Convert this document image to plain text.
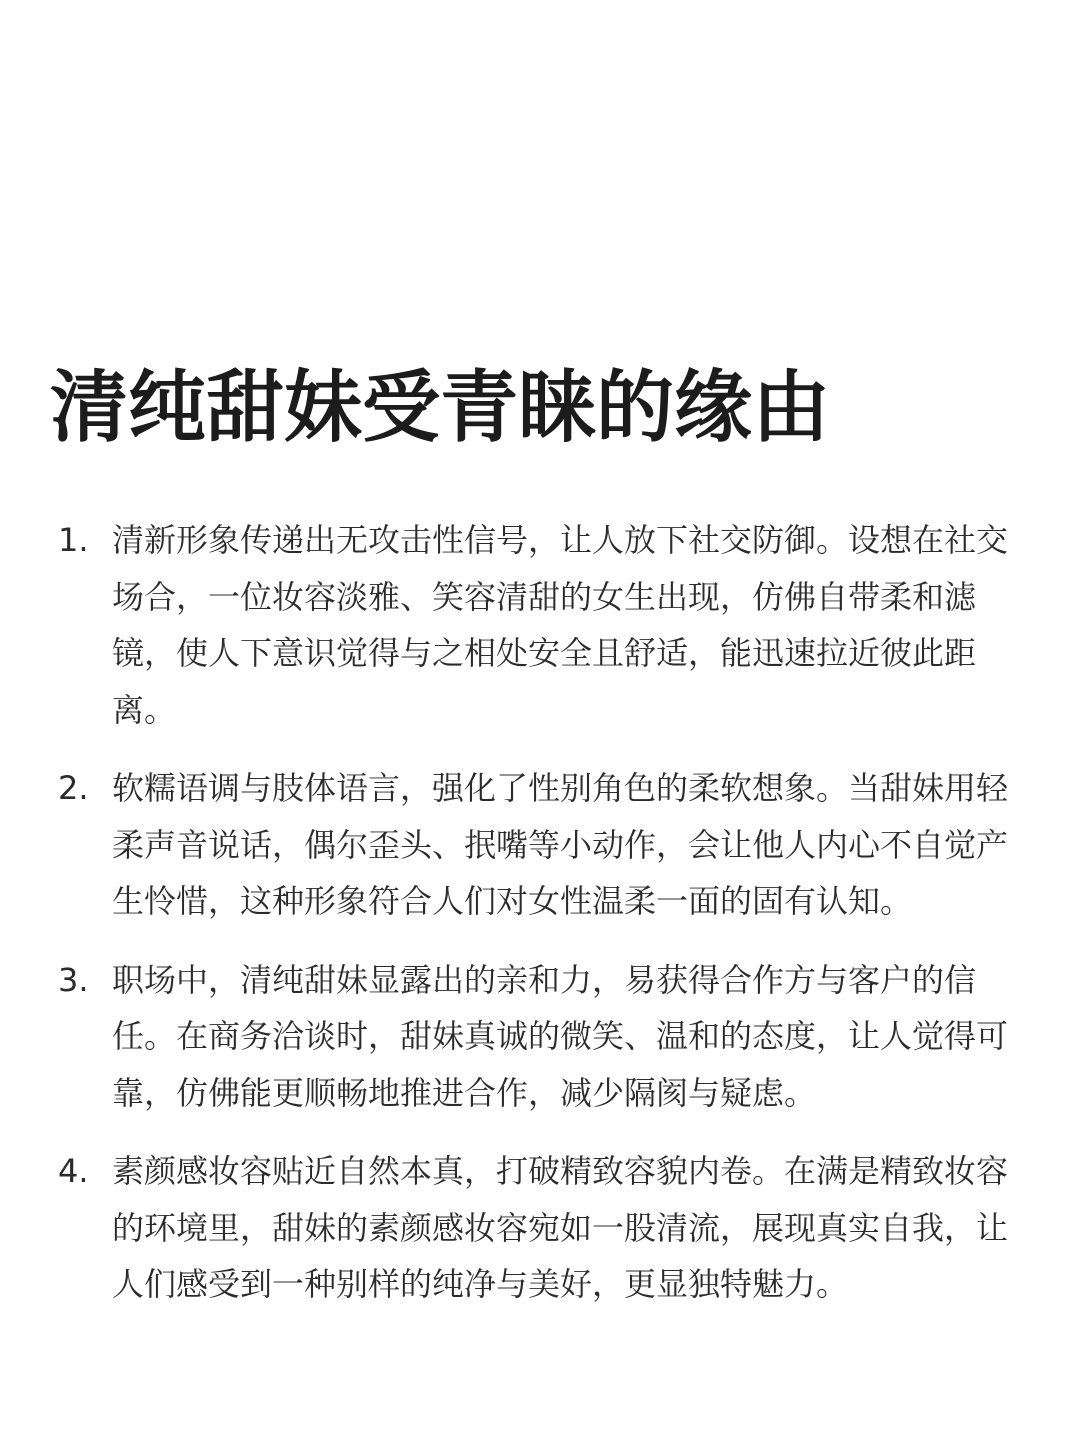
清纯甜妹受青睐的缘由
1. 清新形象传递出无攻击性信号，让人放下社交防御。设想在社交场合，一位妆容淡雅、笑容清甜的女生出现，仿佛自带柔和滤镜，使人下意识觉得与之相处安全且舒适，能迅速拉近彼此距离。
2. 软糯语调与肢体语言，强化了性别角色的柔软想象。当甜妹用轻柔声音说话，偶尔歪头、抿嘴等小动作，会让他人内心不自觉产生怜惜，这种形象符合人们对女性温柔一面的固有认知。
3. 职场中，清纯甜妹显露出的亲和力，易获得合作方与客户的信任。在商务洽谈时，甜妹真诚的微笑、温和的态度，让人觉得可靠，仿佛能更顺畅地推进合作，减少隔阂与疑虑。
4. 素颜感妆容贴近自然本真，打破精致容貌内卷。在满是精致妆容的环境里，甜妹的素颜感妆容宛如一股清流，展现真实自我，让人们感受到一种别样的纯净与美好，更显独特魅力。
